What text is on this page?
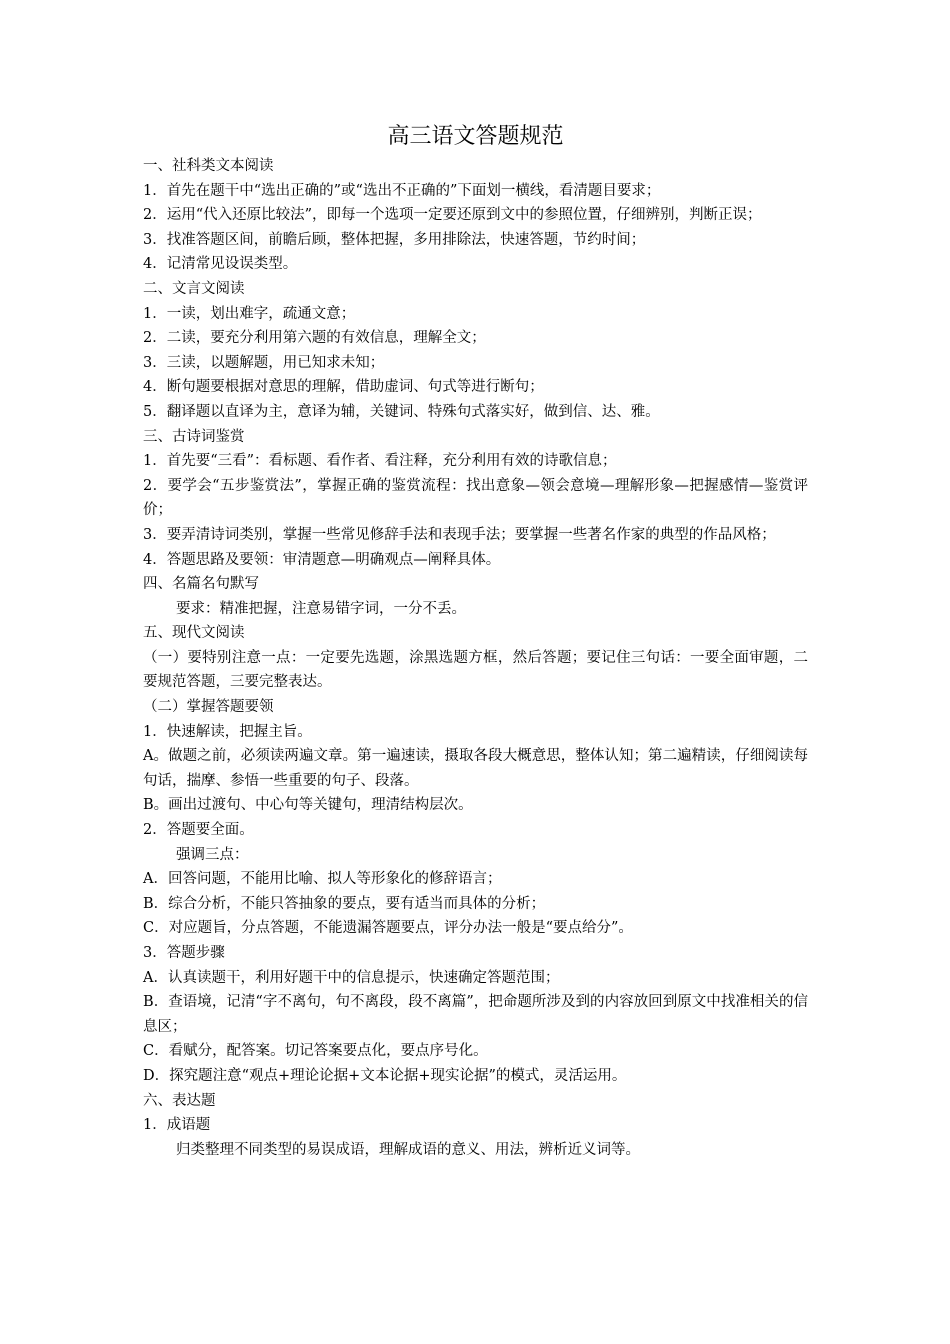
高三语文答题规范

一、社科类文本阅读

1．首先在题干中“选出正确的”或“选出不正确的”下面划一横线，看清题目要求；

2．运用“代入还原比较法”，即每一个选项一定要还原到文中的参照位置，仔细辨别，判断正误；

3．找准答题区间，前瞻后顾，整体把握，多用排除法，快速答题，节约时间；

4．记清常见设误类型。

二、文言文阅读

1．一读，划出难字，疏通文意；

2．二读，要充分利用第六题的有效信息，理解全文；

3．三读，以题解题，用已知求未知；

4．断句题要根据对意思的理解，借助虚词、句式等进行断句；

5．翻译题以直译为主，意译为辅，关键词、特殊句式落实好，做到信、达、雅。

三、古诗词鉴赏

1．首先要“三看”：看标题、看作者、看注释，充分利用有效的诗歌信息；

2．要学会“五步鉴赏法”，掌握正确的鉴赏流程：找出意象—领会意境—理解形象—把握感情—鉴赏评价；

3．要弄清诗词类别，掌握一些常见修辞手法和表现手法；要掌握一些著名作家的典型的作品风格；

4．答题思路及要领：审清题意—明确观点—阐释具体。

四、名篇名句默写

要求：精准把握，注意易错字词，一分不丢。

五、现代文阅读

（一）要特别注意一点：一定要先选题，涂黑选题方框，然后答题；要记住三句话：一要全面审题，二要规范答题，三要完整表达。

（二）掌握答题要领

1．快速解读，把握主旨。

A。做题之前，必须读两遍文章。第一遍速读，摄取各段大概意思，整体认知；第二遍精读，仔细阅读每句话，揣摩、参悟一些重要的句子、段落。

B。画出过渡句、中心句等关键句，理清结构层次。

2．答题要全面。

强调三点：

A．回答问题，不能用比喻、拟人等形象化的修辞语言；

B．综合分析，不能只答抽象的要点，要有适当而具体的分析；

C．对应题旨，分点答题，不能遗漏答题要点，评分办法一般是“要点给分”。

3．答题步骤

A．认真读题干，利用好题干中的信息提示，快速确定答题范围；

B．查语境，记清“字不离句，句不离段，段不离篇”，把命题所涉及到的内容放回到原文中找准相关的信息区；

C．看赋分，配答案。切记答案要点化，要点序号化。

D．探究题注意“观点+理论论据+文本论据+现实论据”的模式，灵活运用。

六、表达题

1．成语题

归类整理不同类型的易误成语，理解成语的意义、用法，辨析近义词等。
